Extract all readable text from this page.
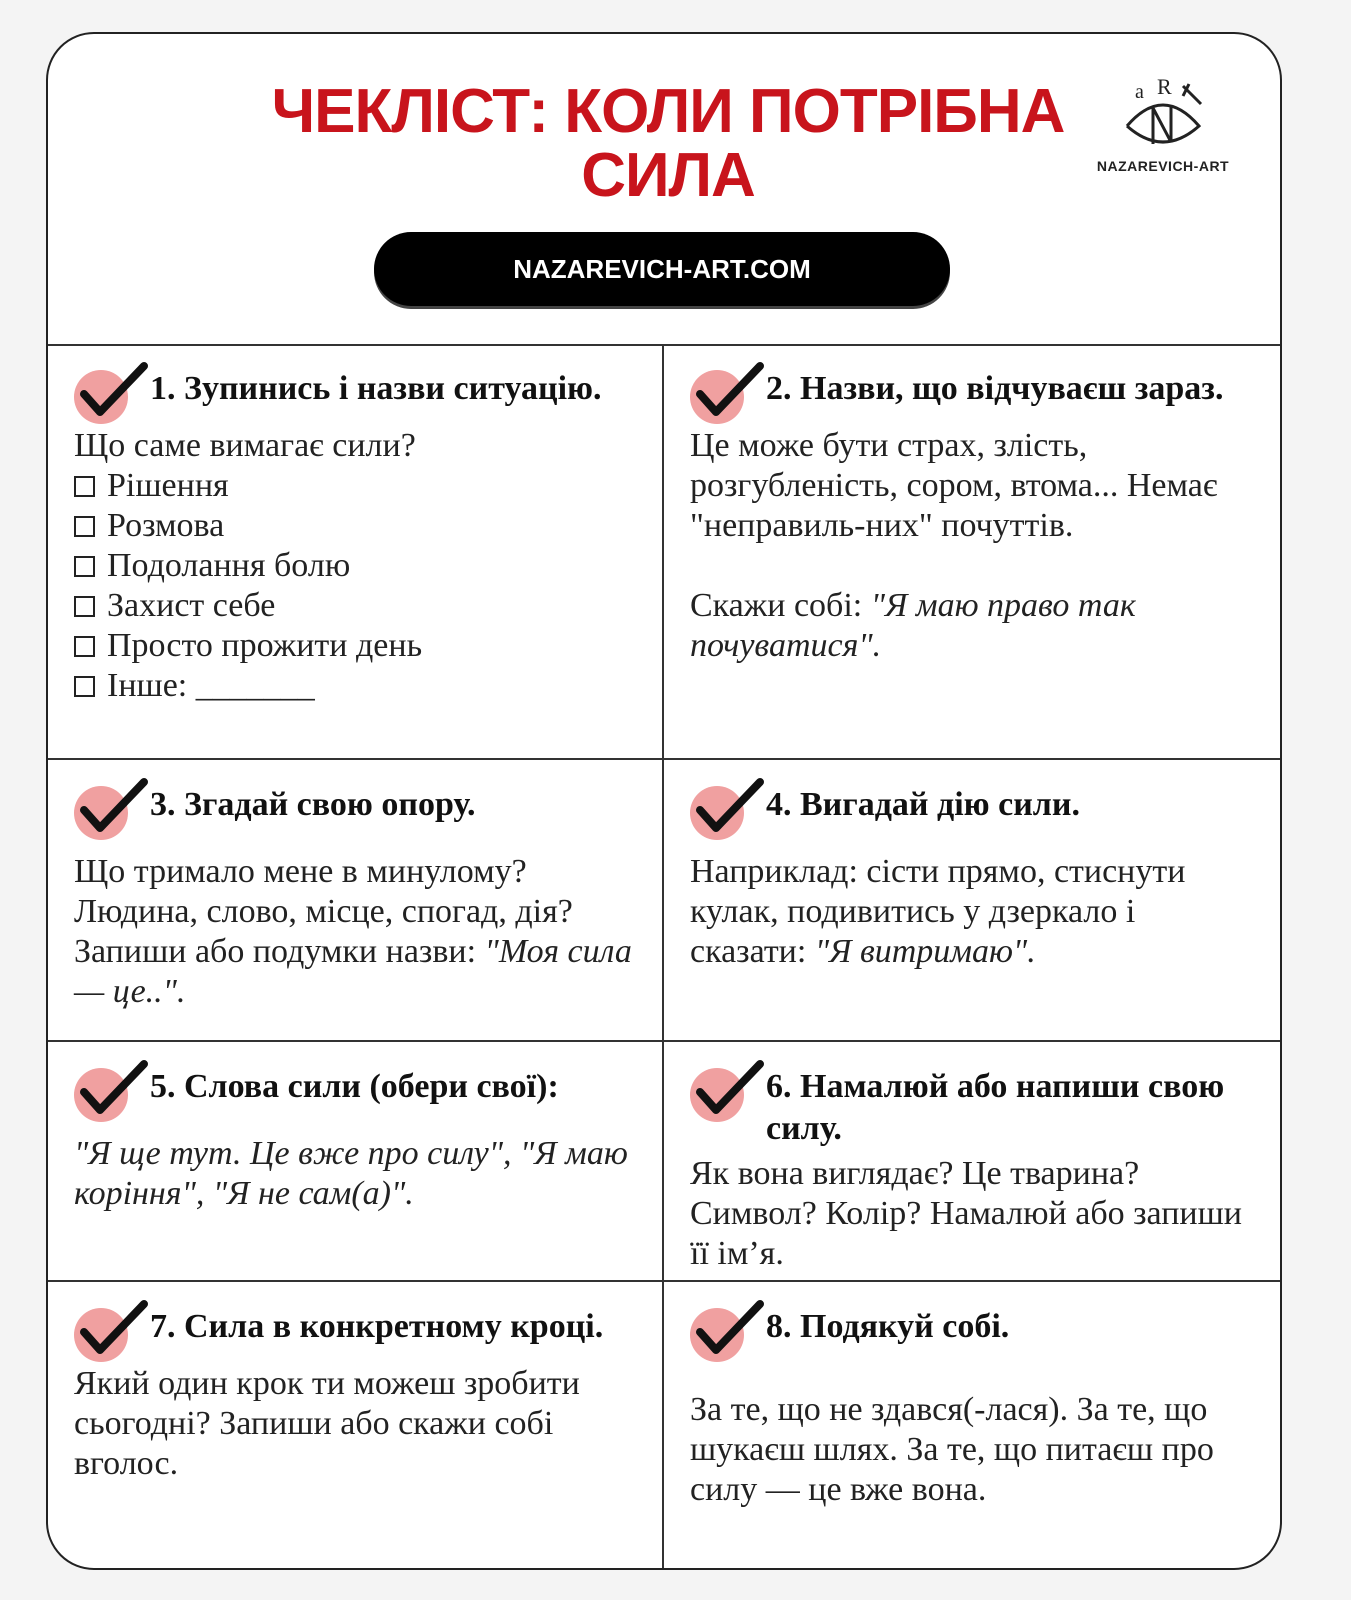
ЧЕКЛІСТ: КОЛИ ПОТРІБНА
СИЛА
a R
NAZAREVICH-ART
NAZAREVICH-ART.COM
1. Зупинись і назви ситуацію.
Що саме вимагає сили?
Рішення
Розмова
Подолання болю
Захист себе
Просто прожити день
Інше: _______
2. Назви, що відчуваєш зараз.
Це може бути страх, злість, розгубленість, сором, втома... Немає "неправиль-них" почуттів.
Скажи собі: "Я маю право так почуватися".
3. Згадай свою опору.
Що тримало мене в минулому? Людина, слово, місце, спогад, дія? Запиши або подумки назви: "Моя сила — це..".
4. Вигадай дію сили.
Наприклад: сісти прямо, стиснути кулак, подивитись у дзеркало і сказати: "Я витримаю".
5. Слова сили (обери свої):
"Я ще тут. Це вже про силу", "Я маю коріння", "Я не сам(а)".
6. Намалюй або напиши свою силу.
Як вона виглядає? Це тварина? Символ? Колір? Намалюй або запиши її ім’я.
7. Сила в конкретному кроці.
Який один крок ти можеш зробити сьогодні? Запиши або скажи собі вголос.
8. Подякуй собі.
За те, що не здався(-лася). За те, що шукаєш шлях. За те, що питаєш про силу — це вже вона.
